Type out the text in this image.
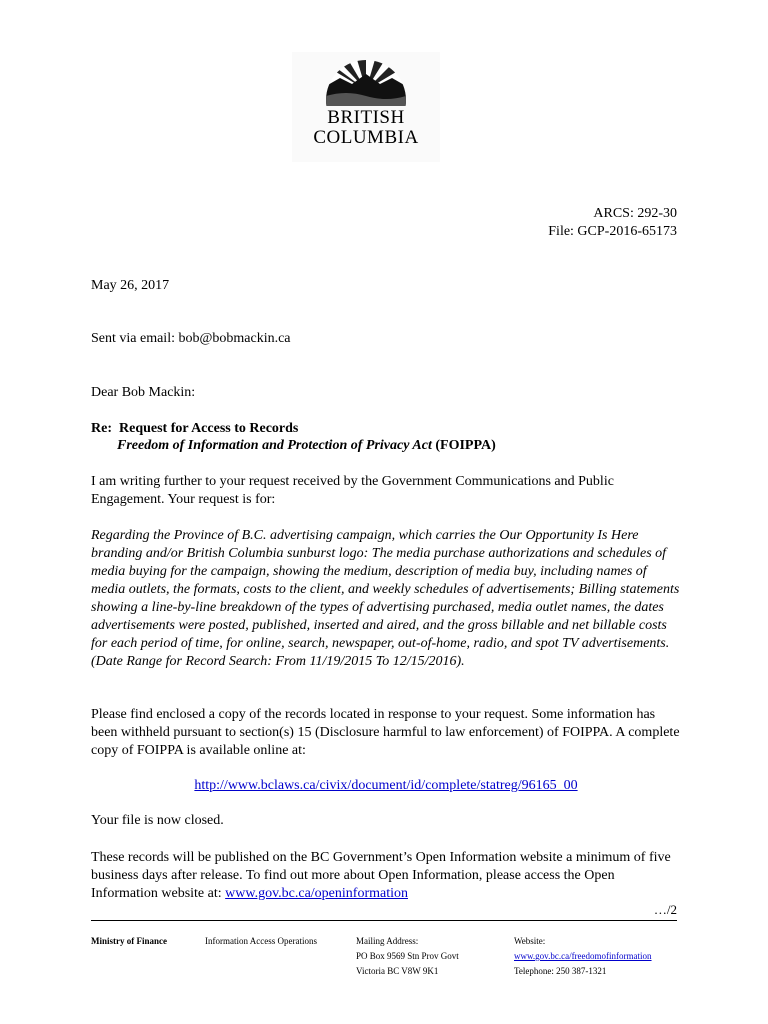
BRITISH
COLUMBIA
ARCS: 292-30
File: GCP-2016-65173
May 26, 2017
Sent via email: bob@bobmackin.ca
Dear Bob Mackin:
Re: Request for Access to Records
Freedom of Information and Protection of Privacy Act (FOIPPA)
I am writing further to your request received by the Government Communications and Public Engagement. Your request is for:
Regarding the Province of B.C. advertising campaign, which carries the Our Opportunity Is Here branding and/or British Columbia sunburst logo: The media purchase authorizations and schedules of media buying for the campaign, showing the medium, description of media buy, including names of media outlets, the formats, costs to the client, and weekly schedules of advertisements; Billing statements showing a line-by-line breakdown of the types of advertising purchased, media outlet names, the dates advertisements were posted, published, inserted and aired, and the gross billable and net billable costs for each period of time, for online, search, newspaper, out-of-home, radio, and spot TV advertisements. (Date Range for Record Search: From 11/19/2015 To 12/15/2016).
Please find enclosed a copy of the records located in response to your request. Some information has been withheld pursuant to section(s) 15 (Disclosure harmful to law enforcement) of FOIPPA. A complete copy of FOIPPA is available online at:
http://www.bclaws.ca/civix/document/id/complete/statreg/96165_00
Your file is now closed.
These records will be published on the BC Government’s Open Information website a minimum of five business days after release. To find out more about Open Information, please access the Open Information website at: www.gov.bc.ca/openinformation
…/2
Ministry of Finance	Information Access Operations	Mailing Address:
PO Box 9569 Stn Prov Govt
Victoria BC V8W 9K1
Website:
www.gov.bc.ca/freedomofinformation
Telephone: 250 387-1321
